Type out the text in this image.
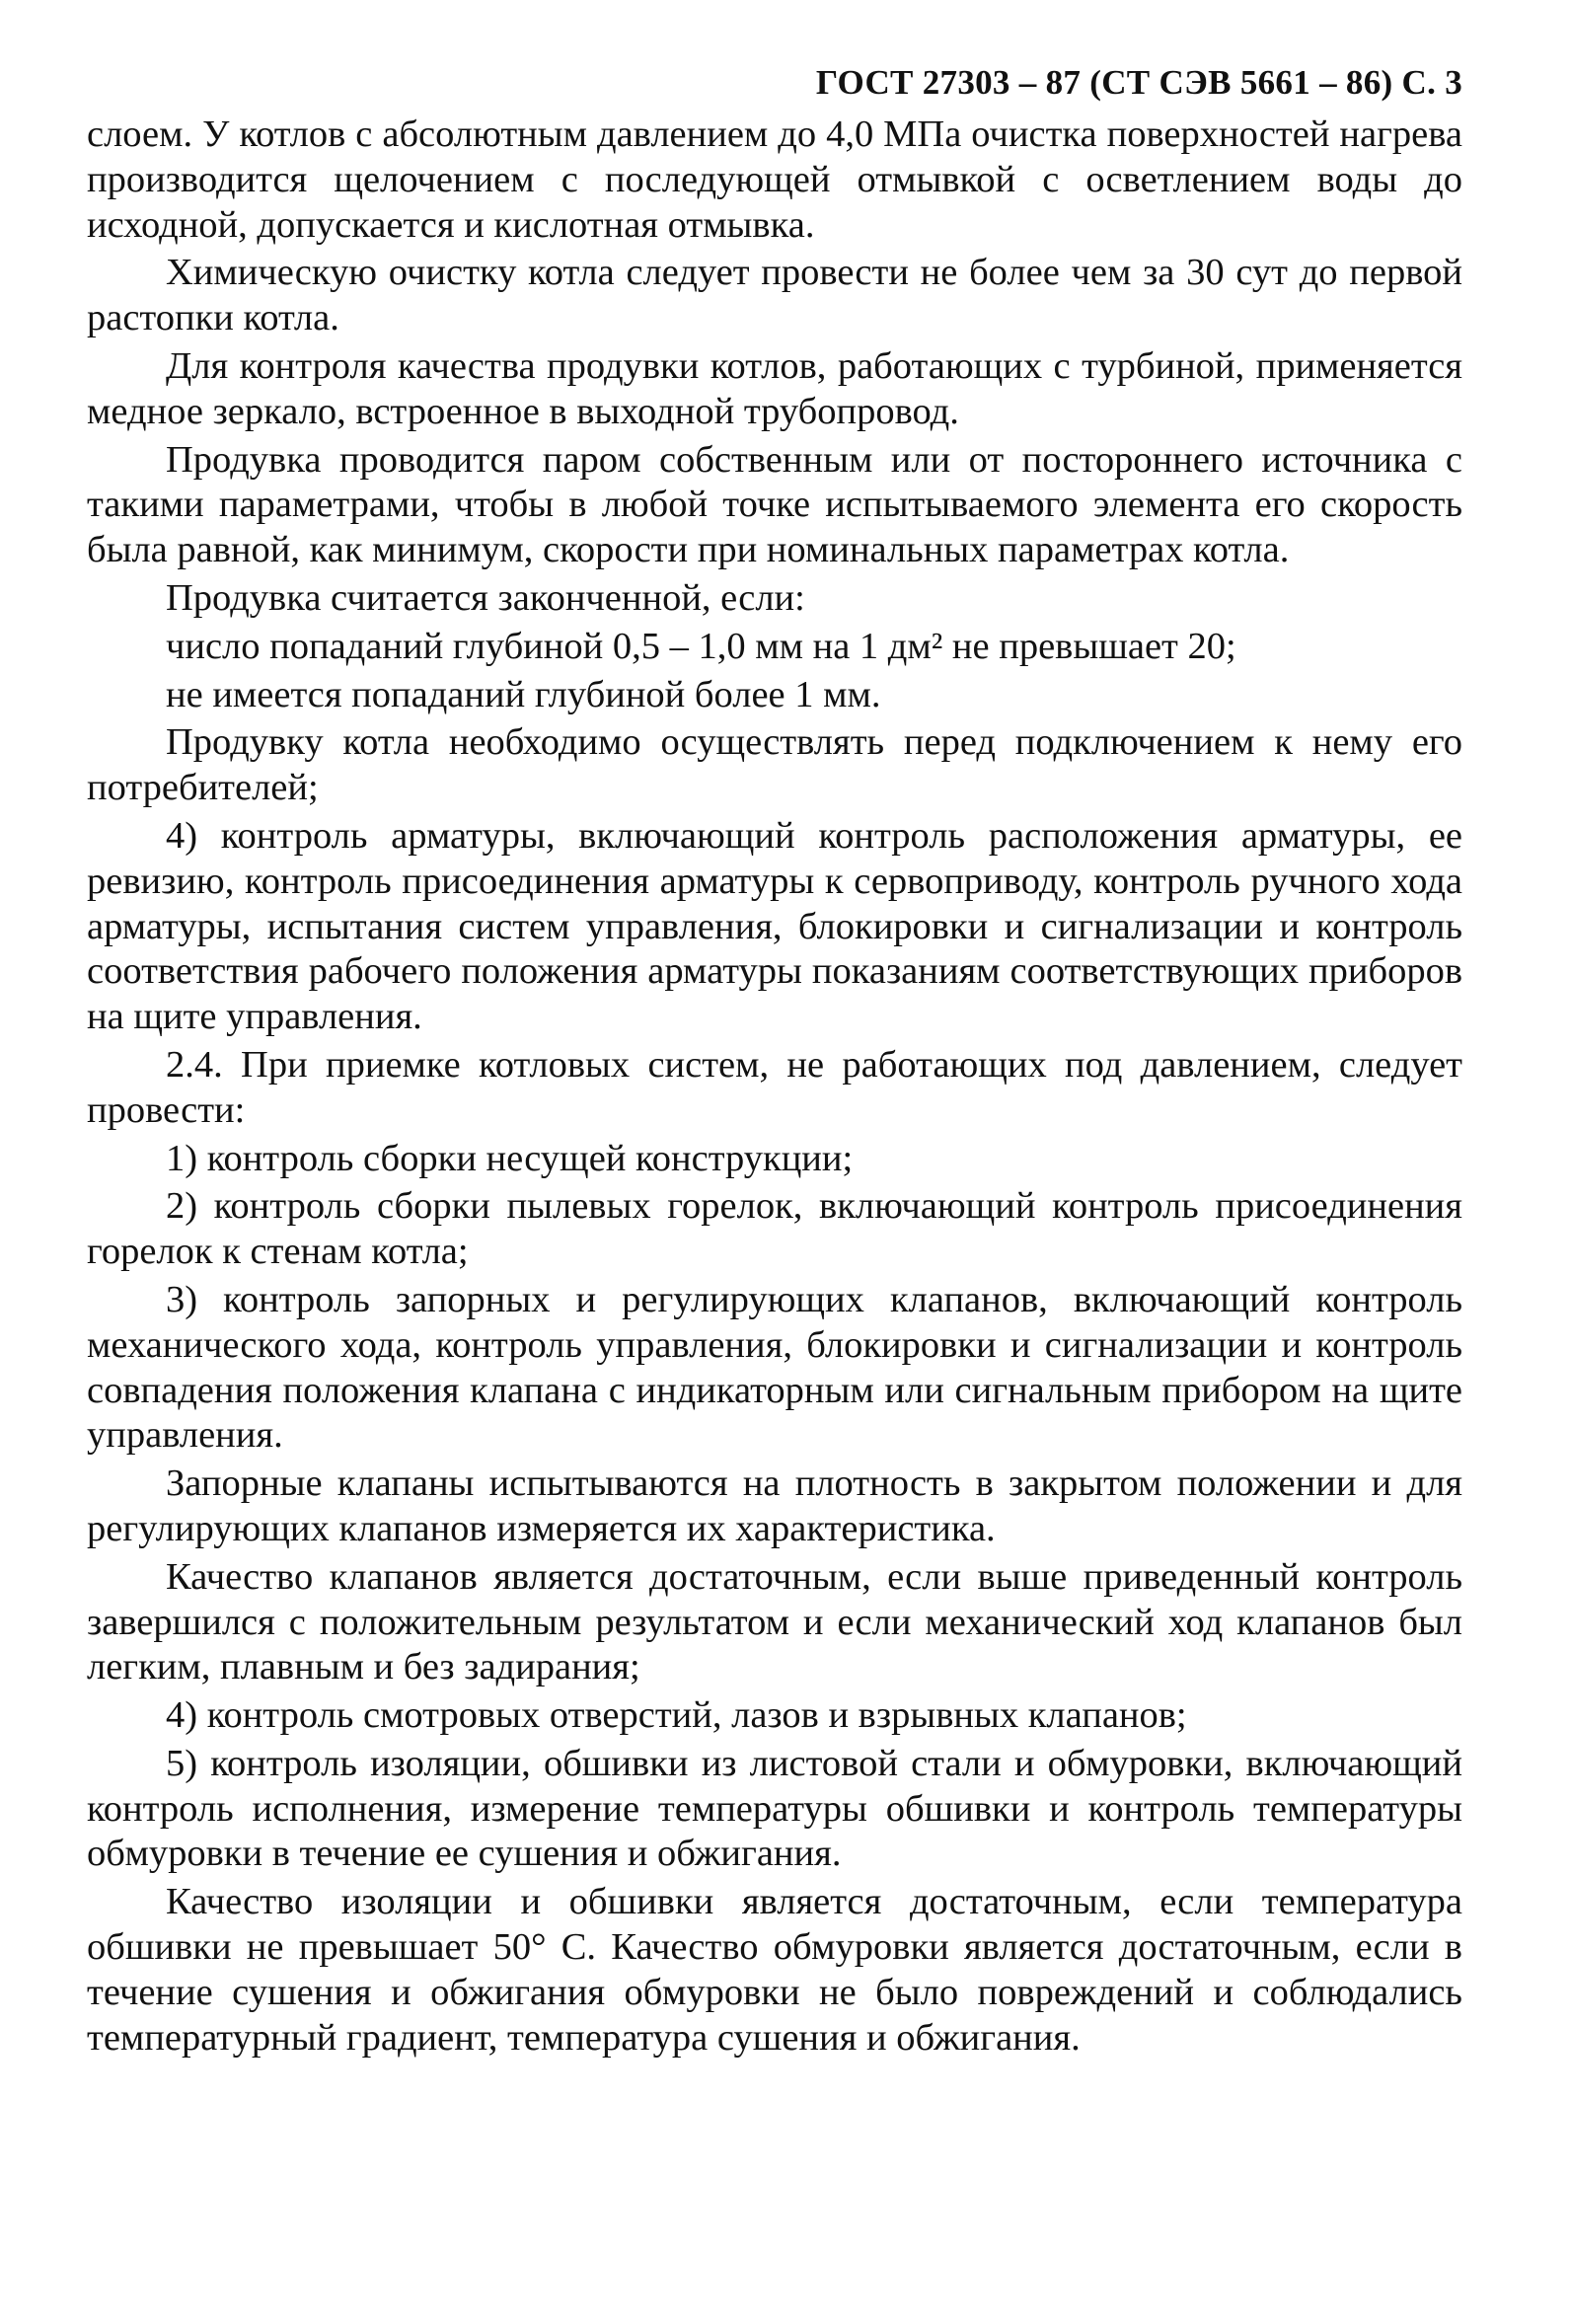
ГОСТ 27303 – 87 (СТ СЭВ 5661 – 86) С. 3

слоем. У котлов с абсолютным давлением до 4,0 МПа очистка поверхностей нагрева производится щелочением с последующей отмывкой с осветлением воды до исходной, допускается и кислотная отмывка.

Химическую очистку котла следует провести не более чем за 30 сут до первой растопки котла.

Для контроля качества продувки котлов, работающих с турбиной, применяется медное зеркало, встроенное в выходной трубопровод.

Продувка проводится паром собственным или от постороннего источника с такими параметрами, чтобы в любой точке испытываемого элемента его скорость была равной, как минимум, скорости при номинальных параметрах котла.

Продувка считается законченной, если:

число попаданий глубиной 0,5 – 1,0 мм на 1 дм² не превышает 20;

не имеется попаданий глубиной более 1 мм.

Продувку котла необходимо осуществлять перед подключением к нему его потребителей;

4) контроль арматуры, включающий контроль расположения арматуры, ее ревизию, контроль присоединения арматуры к сервоприводу, контроль ручного хода арматуры, испытания систем управления, блокировки и сигнализации и контроль соответствия рабочего положения арматуры показаниям соответствующих приборов на щите управления.

2.4. При приемке котловых систем, не работающих под давлением, следует провести:

1) контроль сборки несущей конструкции;

2) контроль сборки пылевых горелок, включающий контроль присоединения горелок к стенам котла;

3) контроль запорных и регулирующих клапанов, включающий контроль механического хода, контроль управления, блокировки и сигнализации и контроль совпадения положения клапана с индикаторным или сигнальным прибором на щите управления.

Запорные клапаны испытываются на плотность в закрытом положении и для регулирующих клапанов измеряется их характеристика.

Качество клапанов является достаточным, если выше приведенный контроль завершился с положительным результатом и если механический ход клапанов был легким, плавным и без задирания;

4) контроль смотровых отверстий, лазов и взрывных клапанов;

5) контроль изоляции, обшивки из листовой стали и обмуровки, включающий контроль исполнения, измерение температуры обшивки и контроль температуры обмуровки в течение ее сушения и обжигания.

Качество изоляции и обшивки является достаточным, если температура обшивки не превышает 50° С. Качество обмуровки является достаточным, если в течение сушения и обжигания обмуровки не было повреждений и соблюдались температурный градиент, температура сушения и обжигания.
